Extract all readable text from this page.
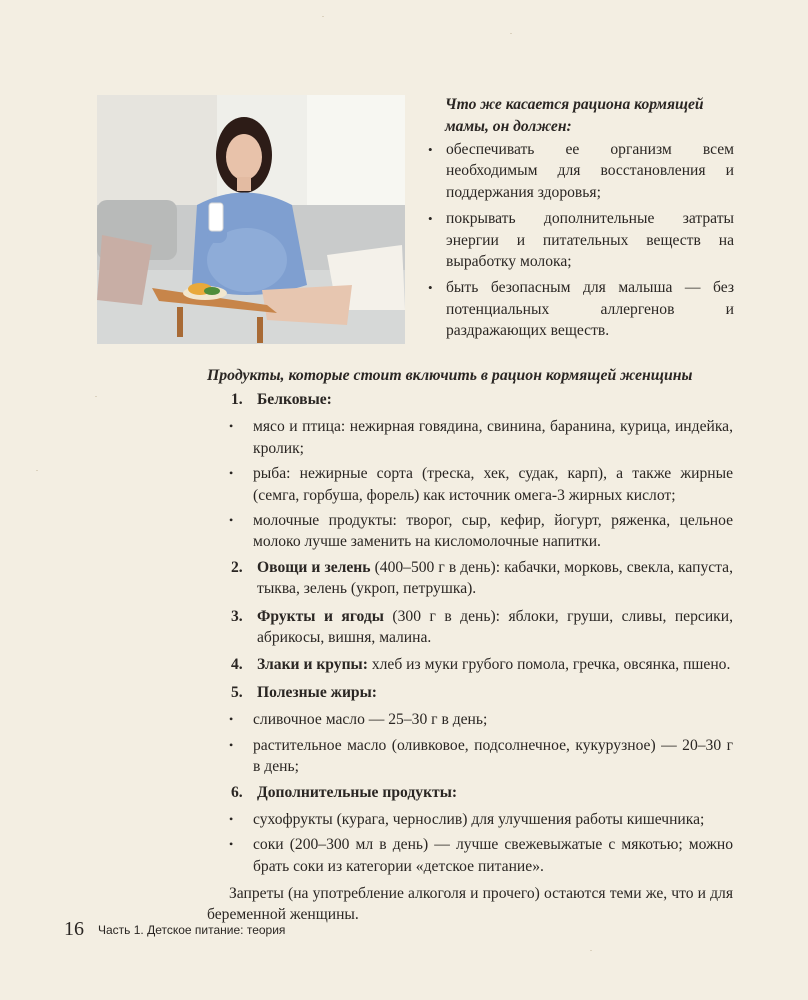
Что же касается рациона кормящей мамы, он должен:

• обеспечивать ее организм всем необходимым для восстановления и поддержания здоровья;
• покрывать дополнительные затраты энергии и питательных веществ на выработку молока;
• быть безопасным для малыша — без потенциальных аллергенов и раздражающих веществ.
Продукты, которые стоит включить в рацион кормящей женщины
1. Белковые:
• мясо и птица: нежирная говядина, свинина, баранина, курица, индейка, кролик;
• рыба: нежирные сорта (треска, хек, судак, карп), а также жирные (семга, горбуша, форель) как источник омега-3 жирных кислот;
• молочные продукты: творог, сыр, кефир, йогурт, ряженка, цельное молоко лучше заменить на кисломолочные напитки.
2. Овощи и зелень (400–500 г в день): кабачки, морковь, свекла, капуста, тыква, зелень (укроп, петрушка).
3. Фрукты и ягоды (300 г в день): яблоки, груши, сливы, персики, абрикосы, вишня, малина.
4. Злаки и крупы: хлеб из муки грубого помола, гречка, овсянка, пшено.
5. Полезные жиры:
• сливочное масло — 25–30 г в день;
• растительное масло (оливковое, подсолнечное, кукурузное) — 20–30 г в день;
6. Дополнительные продукты:
• сухофрукты (курага, чернослив) для улучшения работы кишечника;
• соки (200–300 мл в день) — лучше свежевыжатые с мякотью; можно брать соки из категории «детское питание».

Запреты (на употребление алкоголя и прочего) остаются теми же, что и для беременной женщины.

16 Часть 1. Детское питание: теория
